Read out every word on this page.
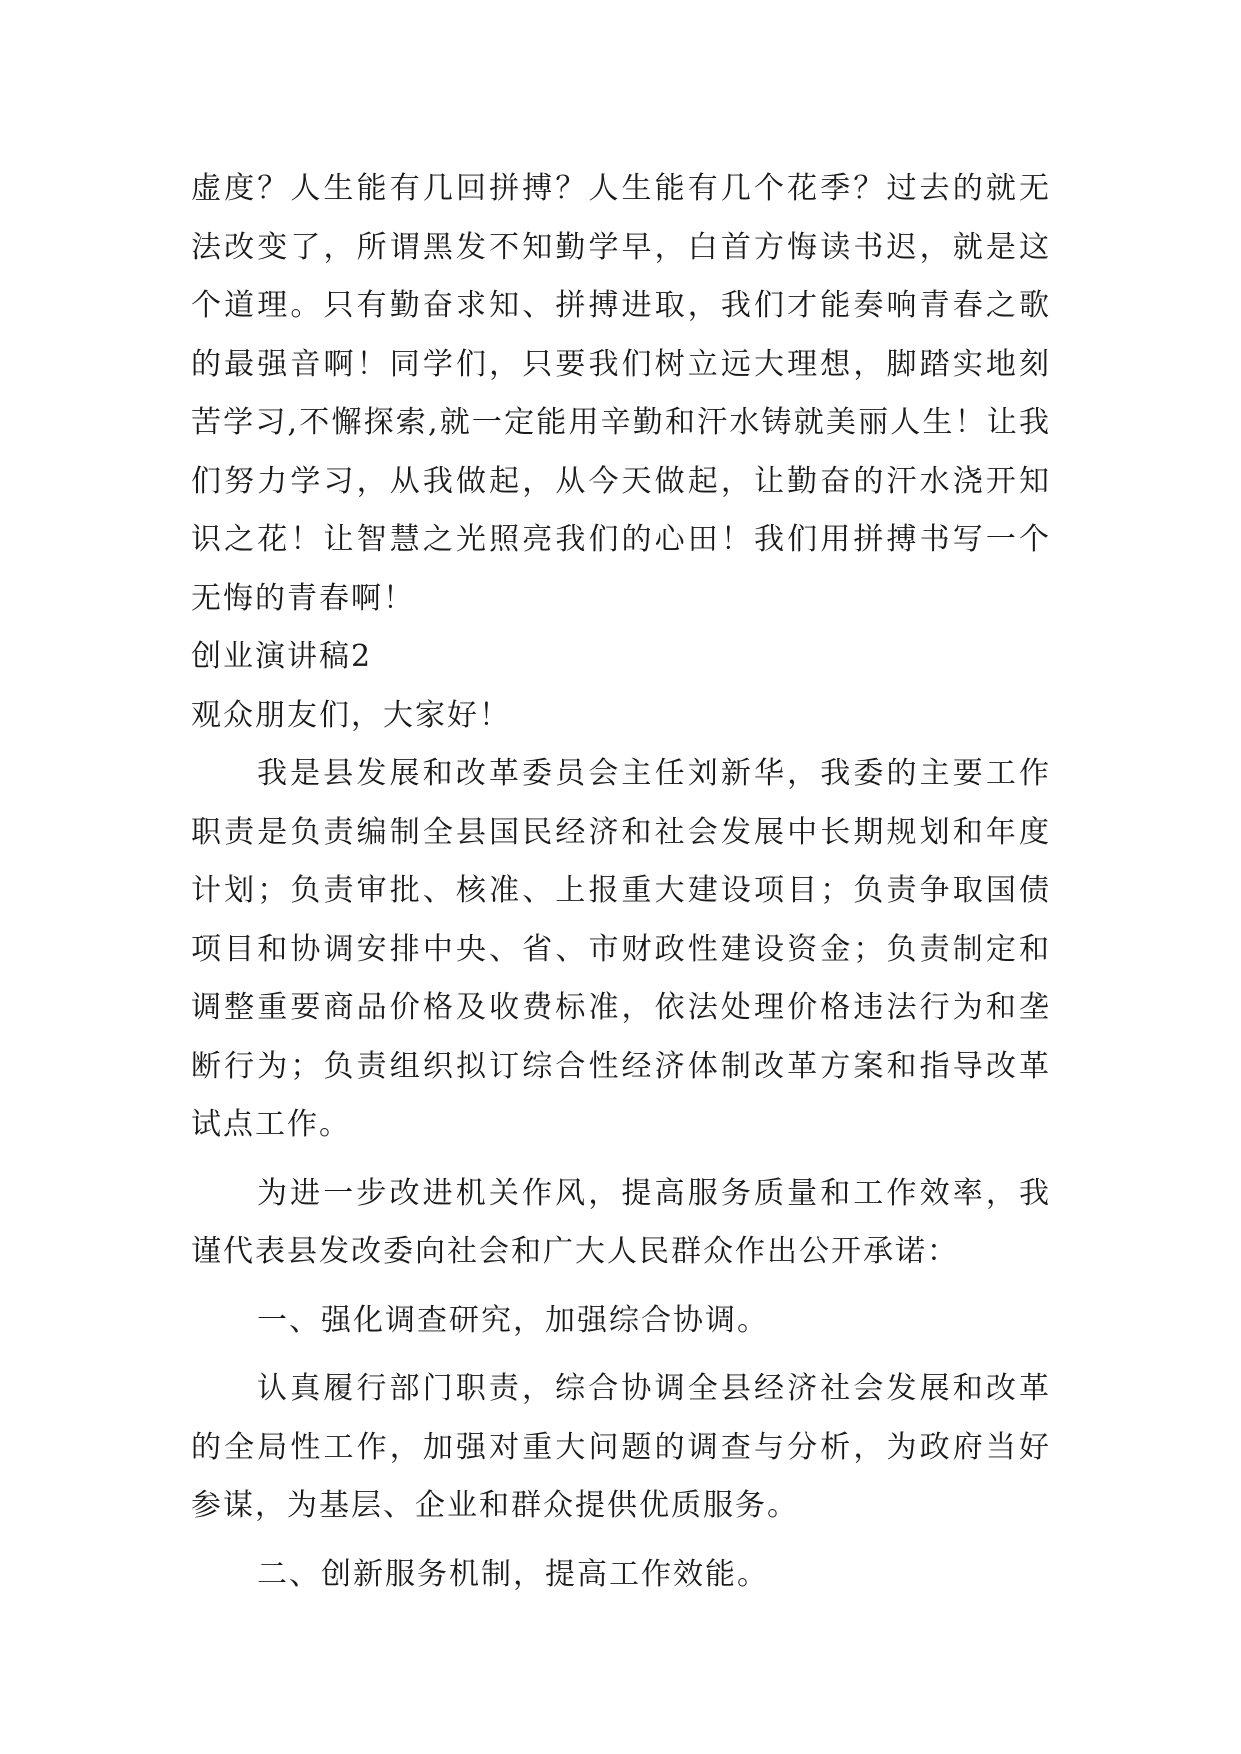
虚度？人生能有几回拼搏？人生能有几个花季？过去的就无法改变了，所谓黑发不知勤学早，白首方悔读书迟，就是这个道理。只有勤奋求知、拼搏进取，我们才能奏响青春之歌的最强音啊！同学们，只要我们树立远大理想，脚踏实地刻苦学习,不懈探索,就一定能用辛勤和汗水铸就美丽人生！让我们努力学习，从我做起，从今天做起，让勤奋的汗水浇开知识之花！让智慧之光照亮我们的心田！我们用拼搏书写一个无悔的青春啊！

创业演讲稿2

观众朋友们，大家好！

我是县发展和改革委员会主任刘新华，我委的主要工作职责是负责编制全县国民经济和社会发展中长期规划和年度计划；负责审批、核准、上报重大建设项目；负责争取国债项目和协调安排中央、省、市财政性建设资金；负责制定和调整重要商品价格及收费标准，依法处理价格违法行为和垄断行为；负责组织拟订综合性经济体制改革方案和指导改革试点工作。

为进一步改进机关作风，提高服务质量和工作效率，我谨代表县发改委向社会和广大人民群众作出公开承诺：

一、强化调查研究，加强综合协调。

认真履行部门职责，综合协调全县经济社会发展和改革的全局性工作，加强对重大问题的调查与分析，为政府当好参谋，为基层、企业和群众提供优质服务。

二、创新服务机制，提高工作效能。
